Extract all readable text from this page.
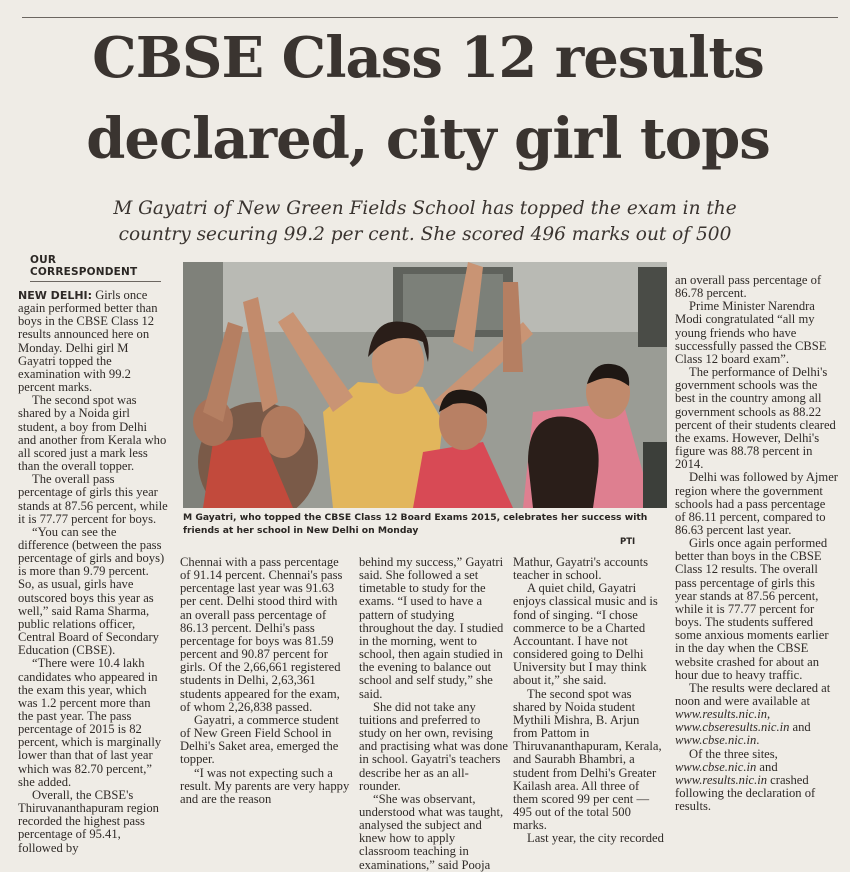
CBSE Class 12 results
declared, city girl tops
M Gayatri of New Green Fields School has topped the exam in the
country securing 99.2 per cent. She scored 496 marks out of 500
OUR CORRESPONDENT

NEW DELHI: Girls once again performed better than boys in the CBSE Class 12 results announced here on Monday. Delhi girl M Gayatri topped the examination with 99.2 percent marks.

The second spot was shared by a Noida girl student, a boy from Delhi and another from Kerala who all scored just a mark less than the overall topper.

The overall pass percentage of girls this year stands at 87.56 percent, while it is 77.77 percent for boys.

“You can see the difference (between the pass percentage of girls and boys) is more than 9.79 percent. So, as usual, girls have outscored boys this year as well,” said Rama Sharma, public relations officer, Central Board of Secondary Education (CBSE).

“There were 10.4 lakh candidates who appeared in the exam this year, which was 1.2 percent more than the past year. The pass percentage of 2015 is 82 percent, which is marginally lower than that of last year which was 82.70 percent,” she added.

Overall, the CBSE's Thiruvananthapuram region recorded the highest pass percentage of 95.41, followed by

M Gayatri, who topped the CBSE Class 12 Board Exams 2015, celebrates her success with friends at her school in New Delhi on Monday
PTI

Chennai with a pass percentage of 91.14 percent. Chennai's pass percentage last year was 91.63 per cent. Delhi stood third with an overall pass percentage of 86.13 percent. Delhi's pass percentage for boys was 81.59 percent and 90.87 percent for girls. Of the 2,66,661 registered students in Delhi, 2,63,361 students appeared for the exam, of whom 2,26,838 passed.

Gayatri, a commerce student of New Green Field School in Delhi's Saket area, emerged the topper.

“I was not expecting such a result. My parents are very happy and are the reason

behind my success,” Gayatri said. She followed a set timetable to study for the exams. “I used to have a pattern of studying throughout the day. I studied in the morning, went to school, then again studied in the evening to balance out school and self study,” she said.

She did not take any tuitions and preferred to study on her own, revising and practising what was done in school. Gayatri's teachers describe her as an all-rounder.

“She was observant, understood what was taught, analysed the subject and knew how to apply classroom teaching in examinations,” said Pooja

Mathur, Gayatri's accounts teacher in school.

A quiet child, Gayatri enjoys classical music and is fond of singing. “I chose commerce to be a Charted Accountant. I have not considered going to Delhi University but I may think about it,” she said.

The second spot was shared by Noida student Mythili Mishra, B. Arjun from Pattom in Thiruvananthapuram, Kerala, and Saurabh Bhambri, a student from Delhi's Greater Kailash area. All three of them scored 99 per cent — 495 out of the total 500 marks.

Last year, the city recorded

an overall pass percentage of 86.78 percent.

Prime Minister Narendra Modi congratulated “all my young friends who have successfully passed the CBSE Class 12 board exam”.

The performance of Delhi's government schools was the best in the country among all government schools as 88.22 percent of their students cleared the exams. However, Delhi's figure was 88.78 percent in 2014.

Delhi was followed by Ajmer region where the government schools had a pass percentage of 86.11 percent, compared to 86.63 percent last year.

Girls once again performed better than boys in the CBSE Class 12 results. The overall pass percentage of girls this year stands at 87.56 percent, while it is 77.77 percent for boys. The students suffered some anxious moments earlier in the day when the CBSE website crashed for about an hour due to heavy traffic.

The results were declared at noon and were available at www.results.nic.in, www.cbseresults.nic.in and www.cbse.nic.in.

Of the three sites, www.cbse.nic.in and www.results.nic.in crashed following the declaration of results.
